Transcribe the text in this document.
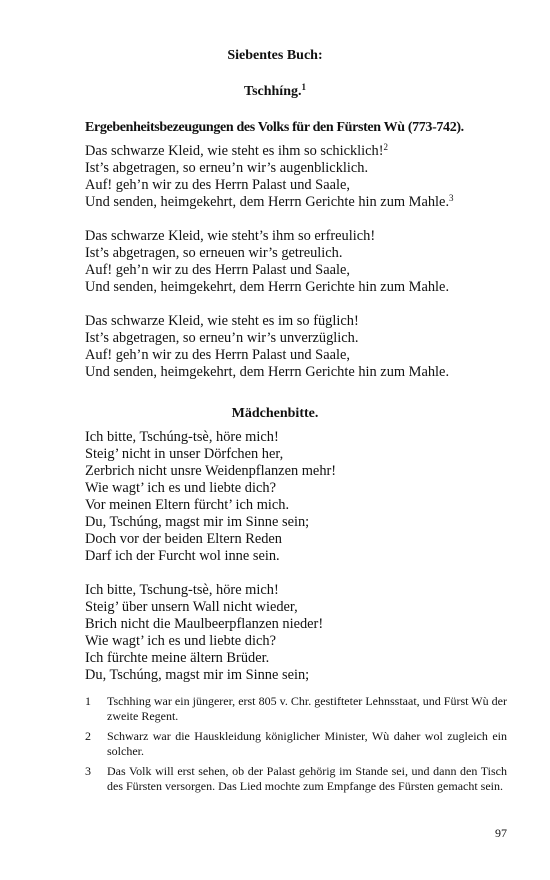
Siebentes Buch:
Tschhíng.$^1$
Ergebenheitsbezeugungen des Volks für den Fürsten Wù (773-742).
Das schwarze Kleid, wie steht es ihm so schicklich!$^2$
Ist’s abgetragen, so erneu’n wir’s augenblicklich.
Auf! geh’n wir zu des Herrn Palast und Saale,
Und senden, heimgekehrt, dem Herrn Gerichte hin zum Mahle.$^3$
Das schwarze Kleid, wie steht’s ihm so erfreulich!
Ist’s abgetragen, so erneuen wir’s getreulich.
Auf! geh’n wir zu des Herrn Palast und Saale,
Und senden, heimgekehrt, dem Herrn Gerichte hin zum Mahle.
Das schwarze Kleid, wie steht es im so füglich!
Ist’s abgetragen, so erneu’n wir’s unverzüglich.
Auf! geh’n wir zu des Herrn Palast und Saale,
Und senden, heimgekehrt, dem Herrn Gerichte hin zum Mahle.
Mädchenbitte.
Ich bitte, Tschúng-tsè, höre mich!
Steig’ nicht in unser Dörfchen her,
Zerbrich nicht unsre Weidenpflanzen mehr!
Wie wagt’ ich es und liebte dich?
Vor meinen Eltern fürcht’ ich mich.
Du, Tschúng, magst mir im Sinne sein;
Doch vor der beiden Eltern Reden
Darf ich der Furcht wol inne sein.
Ich bitte, Tschung-tsè, höre mich!
Steig’ über unsern Wall nicht wieder,
Brich nicht die Maulbeerpflanzen nieder!
Wie wagt’ ich es und liebte dich?
Ich fürchte meine ältern Brüder.
Du, Tschúng, magst mir im Sinne sein;
1 Tschhing war ein jüngerer, erst 805 v. Chr. gestifteter Lehnsstaat, und Fürst Wù der zweite Regent.
2 Schwarz war die Hauskleidung königlicher Minister, Wù daher wol zugleich ein solcher.
3 Das Volk will erst sehen, ob der Palast gehörig im Stande sei, und dann den Tisch des Fürsten versorgen. Das Lied mochte zum Empfange des Fürsten gemacht sein.
97
